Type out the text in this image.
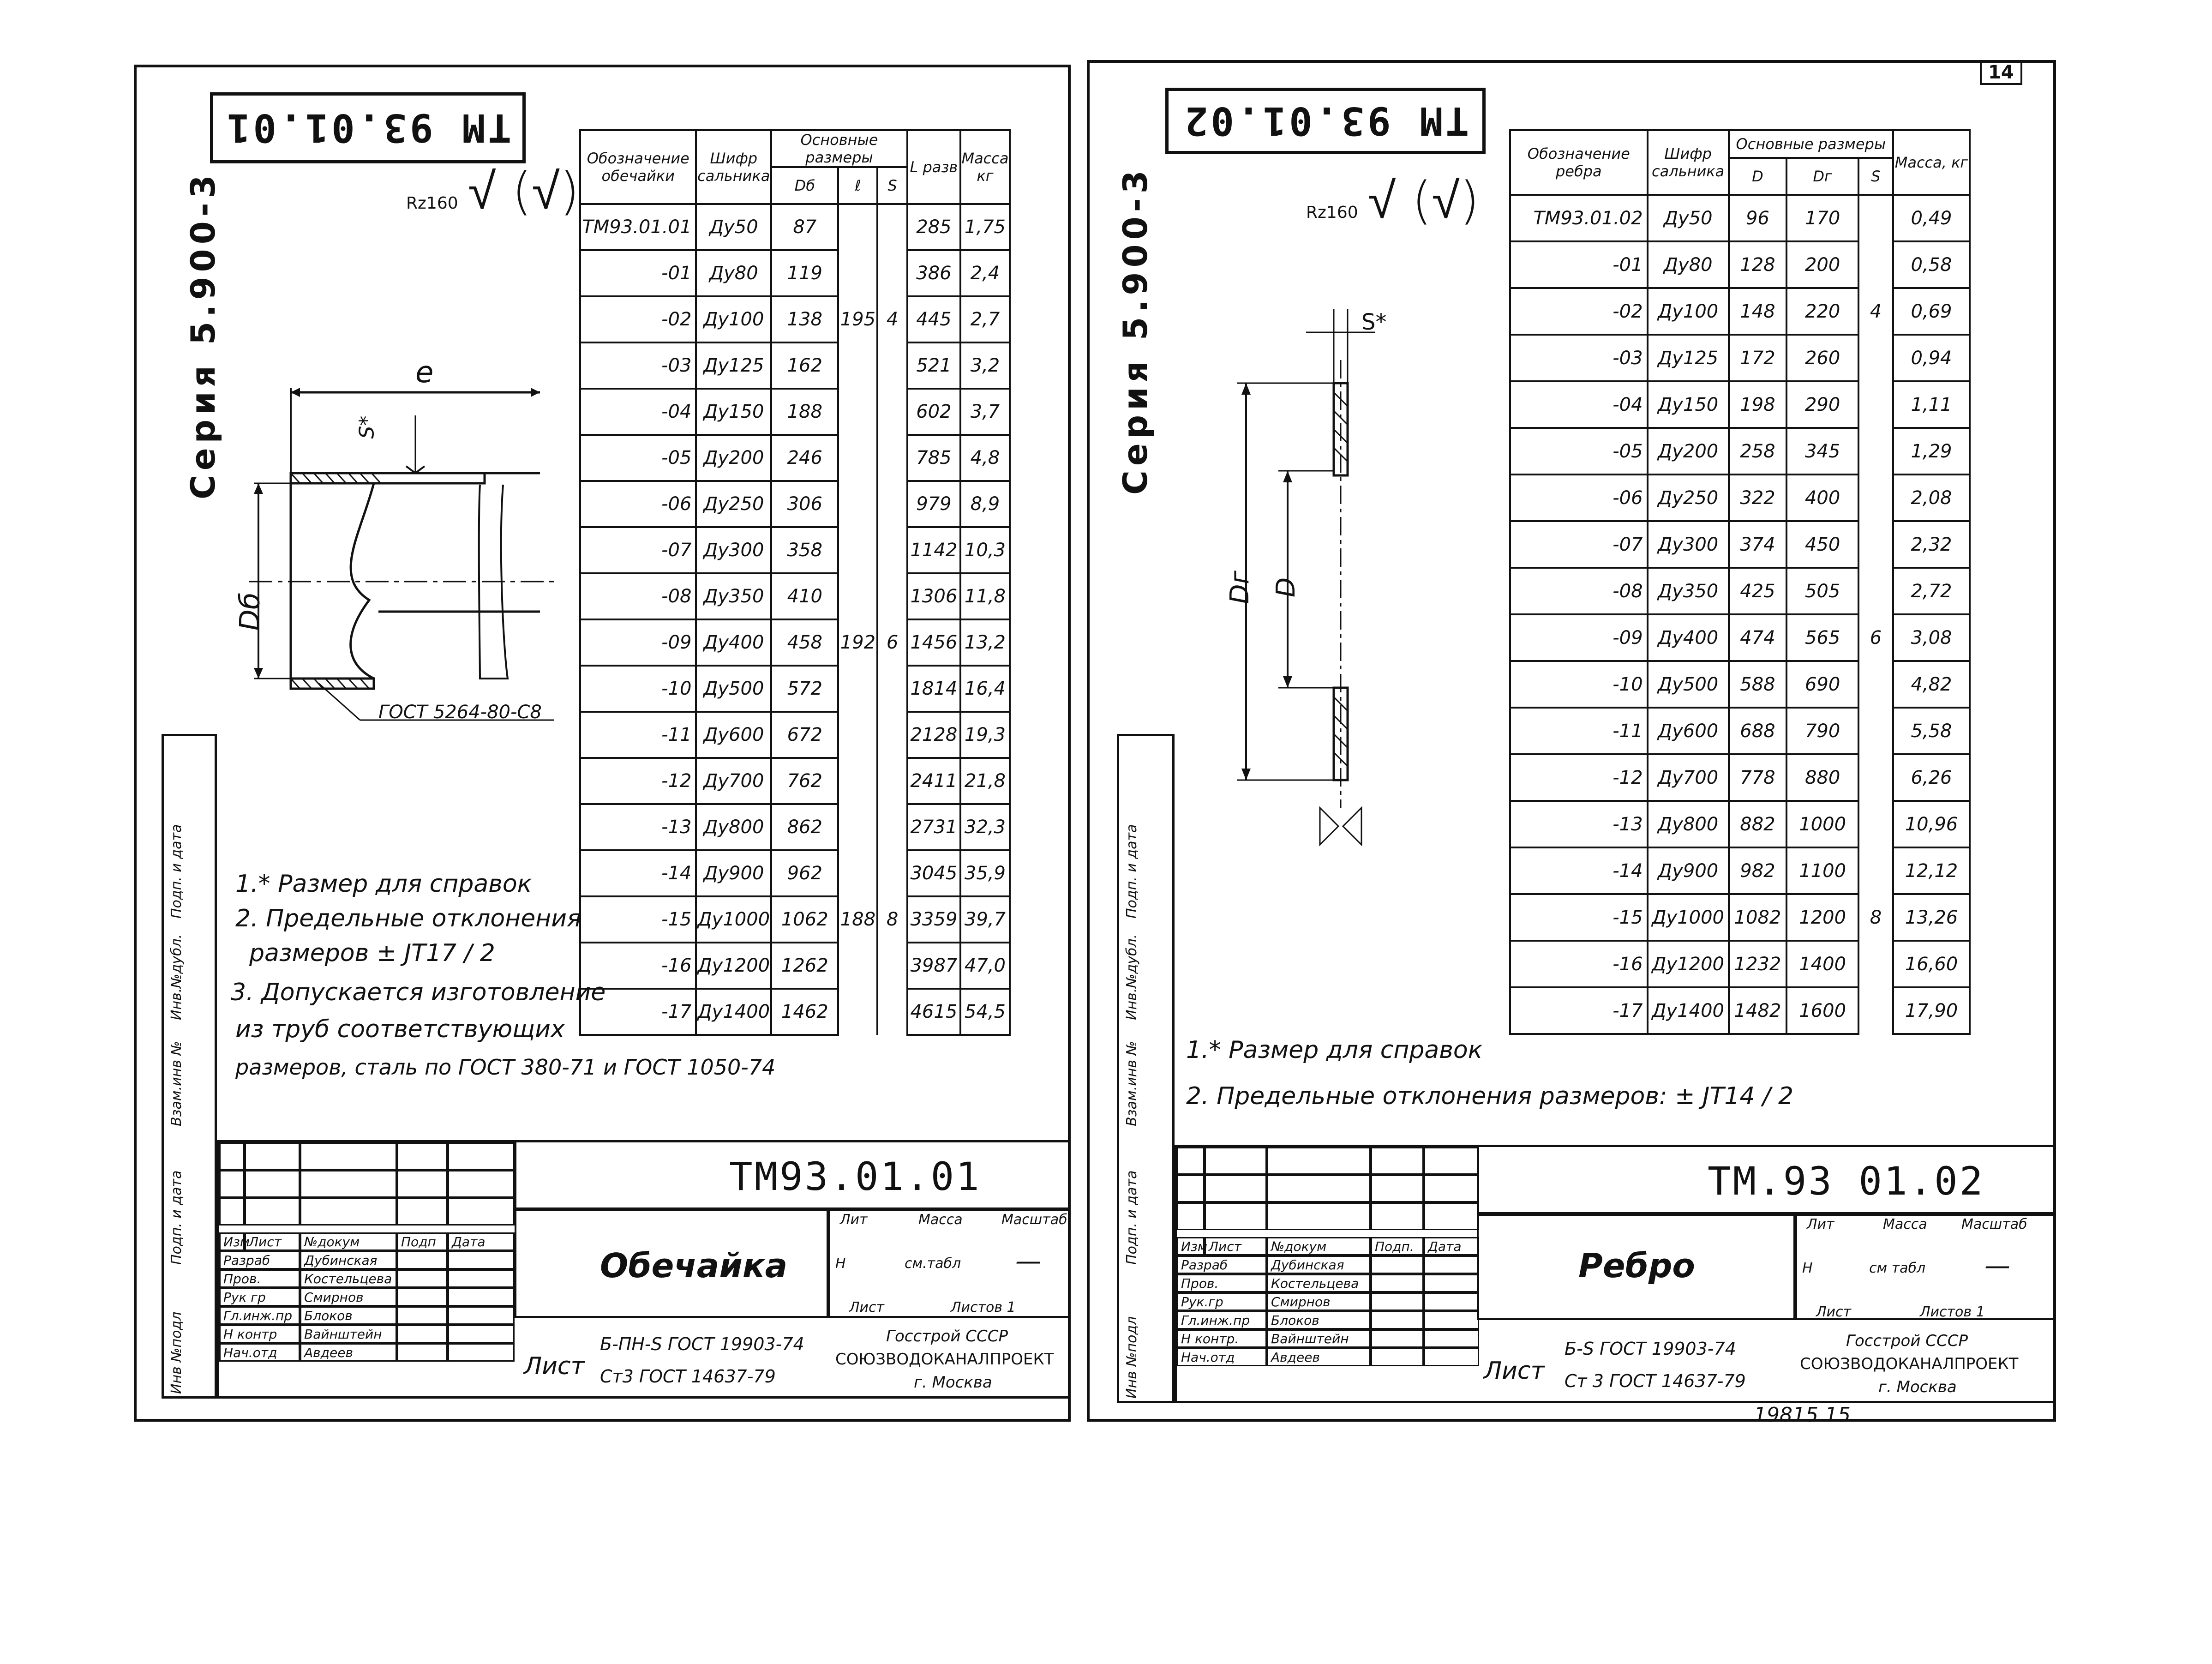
14
TM 93.01.01
Серия 5.900-3	Rz160 √ (√)
e
S*
Dб
ГОСТ 5264-80-С8
Обозначение обечайки	Шифр сальника	Основные размеры			L разв	Масса кг
		Dб	ℓ	S		
TM93.01.01	Ду50	87			285	1,75
-01	Ду80	119			386	2,4
-02	Ду100	138	195	4	445	2,7
-03	Ду125	162			521	3,2
-04	Ду150	188			602	3,7
-05	Ду200	246			785	4,8
-06	Ду250	306			979	8,9
-07	Ду300	358			1142	10,3
-08	Ду350	410			1306	11,8
-09	Ду400	458	192	6	1456	13,2
-10	Ду500	572			1814	16,4
-11	Ду600	672			2128	19,3
-12	Ду700	762			2411	21,8
-13	Ду800	862			2731	32,3
-14	Ду900	962			3045	35,9
-15	Ду1000	1062	188	8	3359	39,7
-16	Ду1200	1262			3987	47,0
-17	Ду1400	1462			4615	54,5
1.* Размер для справок
2. Предельные отклонения
размеров ± JT17 / 2
3. Допускается изготовление
из труб соответствующих
размеров, сталь по ГОСТ 380-71 и ГОСТ 1050-74
Инв №подл
Подп. и дата
Взам.инв №
Инв.№дубл.
Подп. и дата
TM93.01.01
Обечайка
Лит	Масса	Масштаб
Н	см.табл —
Лист	Листов 1
Лист
Б-ПН-S ГОСТ 19903-74
Ст3 ГОСТ 14637-79
Госстрой СССР
СОЮЗВОДОКАНАЛПРОЕКТ
г. Москва
Изм
Лист	№докум	Подп	Дата
Разраб	Дубинская
Пров.	Костельцева
Рук гр	Смирнов
Гл.инж.пр Блоков
Н контр	Вайнштейн
Нач.отд	Авдеев
TM 93.01.02
Серия 5.900-3	Rz160 √ (√)
S*
Dг D
Обозначение ребра	Шифр сальника	Основные размеры			Масса, кг
		D	Dг	S	
TM93.01.02	Ду50	96	170		0,49
-01	Ду80	128	200		0,58
-02	Ду100	148	220	4	0,69
-03	Ду125	172	260		0,94
-04	Ду150	198	290		1,11
-05	Ду200	258	345		1,29
-06	Ду250	322	400		2,08
-07	Ду300	374	450		2,32
-08	Ду350	425	505		2,72
-09	Ду400	474	565	6	3,08
-10	Ду500	588	690		4,82
-11	Ду600	688	790		5,58
-12	Ду700	778	880		6,26
-13	Ду800	882	1000		10,96
-14	Ду900	982	1100		12,12
-15	Ду1000	1082	1200	8	13,26
-16	Ду1200	1232	1400		16,60
-17	Ду1400	1482	1600		17,90
1.* Размер для справок
2. Предельные отклонения размеров: ± JT14 / 2
Инв №подл
Подп. и дата
Взам.инв №
Инв.№дубл.
Подп. и дата
TM.93 01.02
Ребро
Лит	Масса Масштаб
Н	см табл —
Лист	Листов 1
Лист
Б-S ГОСТ 19903-74
Ст 3 ГОСТ 14637-79
Госстрой СССР
СОЮЗВОДОКАНАЛПРОЕКТ
г. Москва
Изм Лист	№докум	Подп.	Дата
Разраб	Дубинская
Пров.	Костельцева
Рук.гр	Смирнов
Гл.инж.пр	Блоков
Н контр.	Вайнштейн
Нач.отд	Авдеев
19815 15
